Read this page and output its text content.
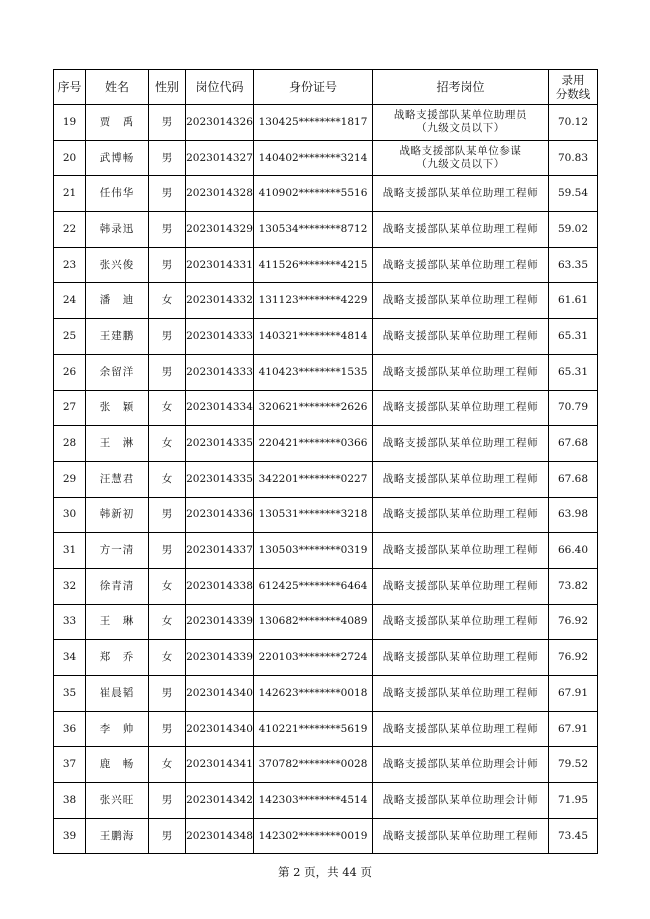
序号	姓名	性别	岗位代码	身份证号	招考岗位	录用
分数线
19	贾　禹	男	2023014326	130425********1817	战略支援部队某单位助理员
（九级文员以下）	70.12
20	武博畅	男	2023014327	140402********3214	战略支援部队某单位参谋
（九级文员以下）	70.83
21	任伟华	男	2023014328	410902********5516	战略支援部队某单位助理工程师	59.54
22	韩录迅	男	2023014329	130534********8712	战略支援部队某单位助理工程师	59.02
23	张兴俊	男	2023014331	411526********4215	战略支援部队某单位助理工程师	63.35
24	潘　迪	女	2023014332	131123********4229	战略支援部队某单位助理工程师	61.61
25	王建鹏	男	2023014333	140321********4814	战略支援部队某单位助理工程师	65.31
26	余留洋	男	2023014333	410423********1535	战略支援部队某单位助理工程师	65.31
27	张　颖	女	2023014334	320621********2626	战略支援部队某单位助理工程师	70.79
28	王　淋	女	2023014335	220421********0366	战略支援部队某单位助理工程师	67.68
29	汪慧君	女	2023014335	342201********0227	战略支援部队某单位助理工程师	67.68
30	韩新初	男	2023014336	130531********3218	战略支援部队某单位助理工程师	63.98
31	方一清	男	2023014337	130503********0319	战略支援部队某单位助理工程师	66.40
32	徐青清	女	2023014338	612425********6464	战略支援部队某单位助理工程师	73.82
33	王　琳	女	2023014339	130682********4089	战略支援部队某单位助理工程师	76.92
34	郑　乔	女	2023014339	220103********2724	战略支援部队某单位助理工程师	76.92
35	崔晨韬	男	2023014340	142623********0018	战略支援部队某单位助理工程师	67.91
36	李　帅	男	2023014340	410221********5619	战略支援部队某单位助理工程师	67.91
37	鹿　畅	女	2023014341	370782********0028	战略支援部队某单位助理会计师	79.52
38	张兴旺	男	2023014342	142303********4514	战略支援部队某单位助理会计师	71.95
39	王鹏海	男	2023014348	142302********0019	战略支援部队某单位助理工程师	73.45
第 2 页，共 44 页
